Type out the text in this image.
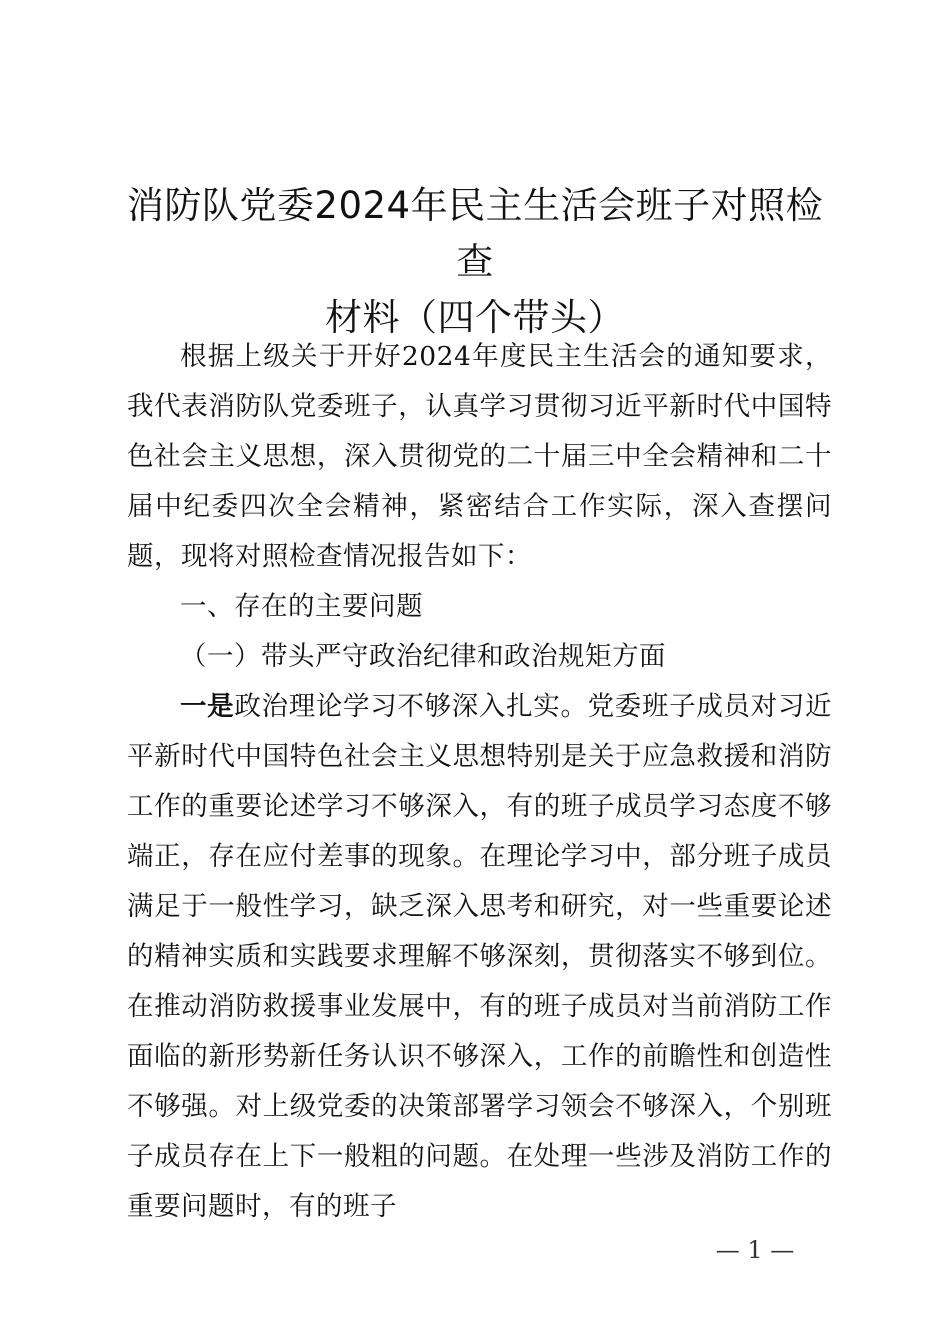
消防队党委2024年民主生活会班子对照检查
材料（四个带头）

根据上级关于开好2024年度民主生活会的通知要求，我代表消防队党委班子，认真学习贯彻习近平新时代中国特色社会主义思想，深入贯彻党的二十届三中全会精神和二十届中纪委四次全会精神，紧密结合工作实际，深入查摆问题，现将对照检查情况报告如下：

一、存在的主要问题

（一）带头严守政治纪律和政治规矩方面

一是政治理论学习不够深入扎实。党委班子成员对习近平新时代中国特色社会主义思想特别是关于应急救援和消防工作的重要论述学习不够深入，有的班子成员学习态度不够端正，存在应付差事的现象。在理论学习中，部分班子成员满足于一般性学习，缺乏深入思考和研究，对一些重要论述的精神实质和实践要求理解不够深刻，贯彻落实不够到位。在推动消防救援事业发展中，有的班子成员对当前消防工作面临的新形势新任务认识不够深入，工作的前瞻性和创造性不够强。对上级党委的决策部署学习领会不够深入，个别班子成员存在上下一般粗的问题。在处理一些涉及消防工作的重要问题时，有的班子

— 1 —
